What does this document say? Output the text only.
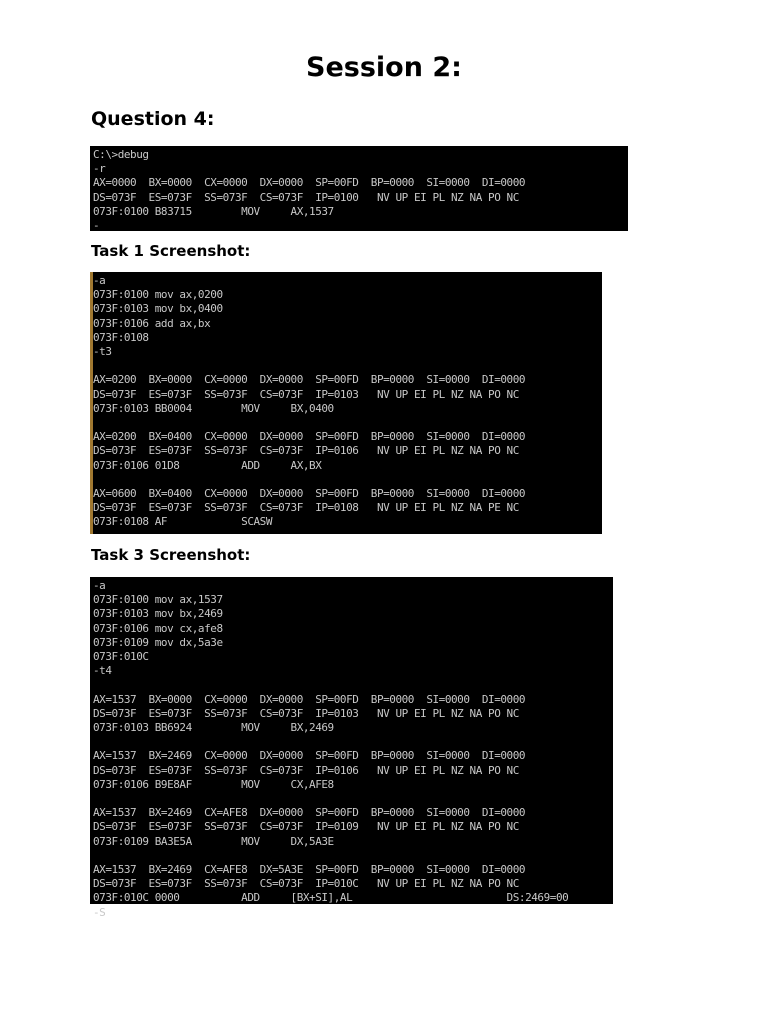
Session 2:
Question 4:
C:\>debug
-r
AX=0000  BX=0000  CX=0000  DX=0000  SP=00FD  BP=0000  SI=0000  DI=0000
DS=073F  ES=073F  SS=073F  CS=073F  IP=0100   NV UP EI PL NZ NA PO NC
073F:0100 B83715        MOV     AX,1537
-

Task 1 Screenshot:

-a
073F:0100 mov ax,0200
073F:0103 mov bx,0400
073F:0106 add ax,bx
073F:0108
-t3

AX=0200  BX=0000  CX=0000  DX=0000  SP=00FD  BP=0000  SI=0000  DI=0000
DS=073F  ES=073F  SS=073F  CS=073F  IP=0103   NV UP EI PL NZ NA PO NC
073F:0103 BB0004        MOV     BX,0400

AX=0200  BX=0400  CX=0000  DX=0000  SP=00FD  BP=0000  SI=0000  DI=0000
DS=073F  ES=073F  SS=073F  CS=073F  IP=0106   NV UP EI PL NZ NA PO NC
073F:0106 01D8          ADD     AX,BX

AX=0600  BX=0400  CX=0000  DX=0000  SP=00FD  BP=0000  SI=0000  DI=0000
DS=073F  ES=073F  SS=073F  CS=073F  IP=0108   NV UP EI PL NZ NA PE NC
073F:0108 AF            SCASW

Task 3 Screenshot:

-a
073F:0100 mov ax,1537
073F:0103 mov bx,2469
073F:0106 mov cx,afe8
073F:0109 mov dx,5a3e
073F:010C
-t4

AX=1537  BX=0000  CX=0000  DX=0000  SP=00FD  BP=0000  SI=0000  DI=0000
DS=073F  ES=073F  SS=073F  CS=073F  IP=0103   NV UP EI PL NZ NA PO NC
073F:0103 BB6924        MOV     BX,2469

AX=1537  BX=2469  CX=0000  DX=0000  SP=00FD  BP=0000  SI=0000  DI=0000
DS=073F  ES=073F  SS=073F  CS=073F  IP=0106   NV UP EI PL NZ NA PO NC
073F:0106 B9E8AF        MOV     CX,AFE8

AX=1537  BX=2469  CX=AFE8  DX=0000  SP=00FD  BP=0000  SI=0000  DI=0000
DS=073F  ES=073F  SS=073F  CS=073F  IP=0109   NV UP EI PL NZ NA PO NC
073F:0109 BA3E5A        MOV     DX,5A3E

AX=1537  BX=2469  CX=AFE8  DX=5A3E  SP=00FD  BP=0000  SI=0000  DI=0000
DS=073F  ES=073F  SS=073F  CS=073F  IP=010C   NV UP EI PL NZ NA PO NC
073F:010C 0000          ADD     [BX+SI],AL                         DS:2469=00
-S
